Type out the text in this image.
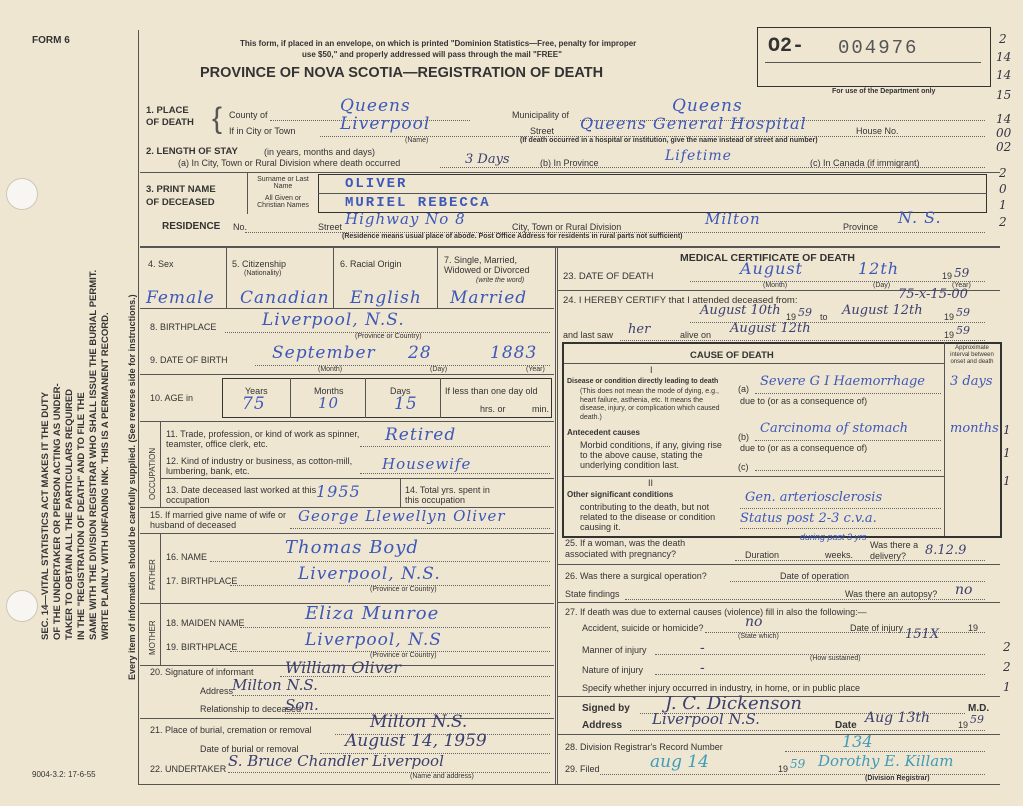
FORM 6
9004-3.2: 17-6-55
SEC. 14—VITAL STATISTICS ACT MAKES IT THE DUTY OF THE UNDERTAKER OR PERSON ACTING AS UNDER- TAKER TO OBTAIN ALL THE PARTICULARS REQUIRED IN THE "REGISTRATION OF DEATH" AND TO FILE THE SAME WITH THE DIVISION REGISTRAR WHO SHALL ISSUE THE BURIAL PERMIT. WRITE PLAINLY WITH UNFADING INK. THIS IS A PERMANENT RECORD. Every item of information should be carefully supplied. (See reverse side for instructions.)
This form, if placed in an envelope, on which is printed "Dominion Statistics—Free, penalty for improper
use $50," and properly addressed will pass through the mail "FREE"
PROVINCE OF NOVA SCOTIA—REGISTRATION OF DEATH
O2- 004976
For use of the Department only
1. PLACE OF DEATH { County of	Queens	Municipality of	Queens
If in City or Town	Liverpool
(Name)
Street Queens General Hospital	House No.
(If death occurred in a hospital or institution, give the name instead of street and number)
2. LENGTH OF STAY	(in years, months and days)
(a) In City, Town or Rural Division where death occurred	3 Days	(b) In Province	Lifetime	(c) In Canada (if immigrant)
3. PRINT NAME OF DECEASED
Surname or Last Name
All Given or Christian Names
OLIVER
MURIEL REBECCA
RESIDENCE No.	Street Highway No 8	City, Town or Rural Division	Milton	Province N. S.
(Residence means usual place of abode. Post Office Address for residents in rural parts not sufficient)
4. Sex	5. Citizenship
(Nationality)
6. Racial Origin	7. Single, Married, Widowed or Divorced
(write the word)
Female Canadian English Married
8. BIRTHPLACE	Liverpool, N.S.
(Province or Country)
9. DATE OF BIRTH	September 28	1883
(Month)	(Day)	(Year)
10. AGE in
Years	Months	Days	If less than one day old
75	10	15	hrs. or	min.
OCCUPATION
11. Trade, profession, or kind of work as spinner, teamster, office clerk, etc.	Retired
12. Kind of industry or business, as cotton-mill, lumbering, bank, etc.	Housewife
13. Date deceased last worked at this occupation	1955	14. Total yrs. spent in this occupation
15. If married give name of wife or husband of deceased	George Llewellyn Oliver
FATHER
16. NAME	Thomas Boyd
17. BIRTHPLACE	Liverpool, N.S.
(Province or Country)
MOTHER 18. MAIDEN NAME	Eliza Munroe
19. BIRTHPLACE	Liverpool, N.S
(Province or Country)
20. Signature of informant William Oliver
Address
Milton N.S.
Relationship to deceased
Son.
21. Place of burial, cremation or removal	Milton N.S.
Date of burial or removal	August 14, 1959
22. UNDERTAKER S. Bruce Chandler Liverpool
(Name and address)
MEDICAL CERTIFICATE OF DEATH
23. DATE OF DEATH	August	12th	19 59
(Month)	(Day)	(Year)
24. I HEREBY CERTIFY that I attended deceased from:	75-x-15-00
August 10th 19 59 to August 12th 19 59
and last saw her	alive on August 12th	19 59
CAUSE OF DEATH
Approximate interval between onset and death
I
Disease or condition directly leading to death
(This does not mean the mode of dying, e.g., heart failure, asthenia, etc. It means the disease, injury, or complication which caused death.)
(a) Severe G I Haemorrhage 3 days
due to (or as a consequence of)
Antecedent causes
Morbid conditions, if any, giving rise to the above cause, stating the underlying condition last.
(b)
Carcinoma of stomach	months
due to (or as a consequence of)
(c)
II
Other significant conditions
contributing to the death, but not related to the disease or condition causing it.
Gen. arteriosclerosis
Status post 2-3 c.v.a.
25. If a woman, was the death associated with pregnancy?
during past 3 yrs
Duration	weeks.
Was there a delivery?	8.12.9
26. Was there a surgical operation?	Date of operation
State findings	Was there an autopsy? no
27. If death was due to external causes (violence) fill in also the following:—
Accident, suicide or homicide?	no	Date of injury	19
(State which)	151X
Manner of injury	-
(How sustained)
Nature of injury	-
Specify whether injury occurred in industry, in home, or in public place
Signed by J. C. Dickenson	M.D.
Address Liverpool N.S.	Date Aug 13th	19 59
28. Division Registrar's Record Number	134
29. Filed	aug 14	19 59 Dorothy E. Killam
(Division Registrar)
2
14
14
15
14
00
02
2
0
1
2
1
1
1
2
2
1
